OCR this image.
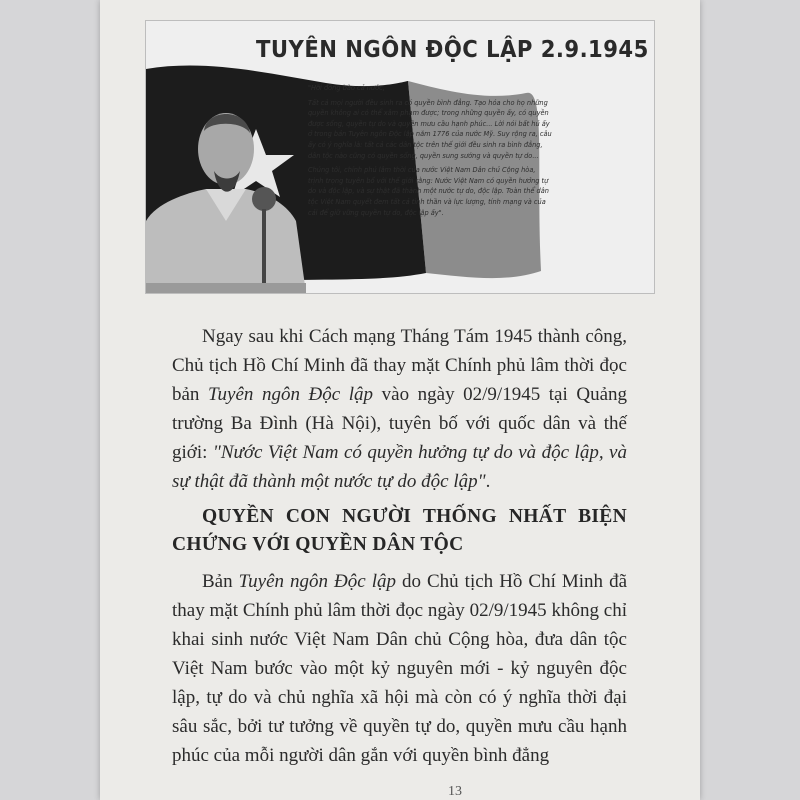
TUYÊN NGÔN ĐỘC LẬP 2.9.1945

"Hỡi đồng bào cả nước,

Tất cả mọi người đều sinh ra có quyền bình đẳng. Tạo hóa cho họ những quyền không ai có thể xâm phạm được; trong những quyền ấy, có quyền được sống, quyền tự do và quyền mưu cầu hạnh phúc... Lời nói bất hủ ấy ở trong bản Tuyên ngôn Độc lập năm 1776 của nước Mỹ. Suy rộng ra, câu ấy có ý nghĩa là: tất cả các dân tộc trên thế giới đều sinh ra bình đẳng, dân tộc nào cũng có quyền sống, quyền sung sướng và quyền tự do...

Chúng tôi, chính phủ lâm thời của nước Việt Nam Dân chủ Cộng hòa, trịnh trọng tuyên bố với thế giới rằng: Nước Việt Nam có quyền hưởng tự do và độc lập, và sự thật đã thành một nước tự do, độc lập. Toàn thể dân tộc Việt Nam quyết đem tất cả tinh thần và lực lượng, tính mạng và của cải để giữ vững quyền tự do, độc lập ấy".

Ngay sau khi Cách mạng Tháng Tám 1945 thành công, Chủ tịch Hồ Chí Minh đã thay mặt Chính phủ lâm thời đọc bản Tuyên ngôn Độc lập vào ngày 02/9/1945 tại Quảng trường Ba Đình (Hà Nội), tuyên bố với quốc dân và thế giới: "Nước Việt Nam có quyền hưởng tự do và độc lập, và sự thật đã thành một nước tự do độc lập".

QUYỀN CON NGƯỜI THỐNG NHẤT BIỆN CHỨNG VỚI QUYỀN DÂN TỘC

Bản Tuyên ngôn Độc lập do Chủ tịch Hồ Chí Minh đã thay mặt Chính phủ lâm thời đọc ngày 02/9/1945 không chỉ khai sinh nước Việt Nam Dân chủ Cộng hòa, đưa dân tộc Việt Nam bước vào một kỷ nguyên mới - kỷ nguyên độc lập, tự do và chủ nghĩa xã hội mà còn có ý nghĩa thời đại sâu sắc, bởi tư tưởng về quyền tự do, quyền mưu cầu hạnh phúc của mỗi người dân gắn với quyền bình đẳng

13
